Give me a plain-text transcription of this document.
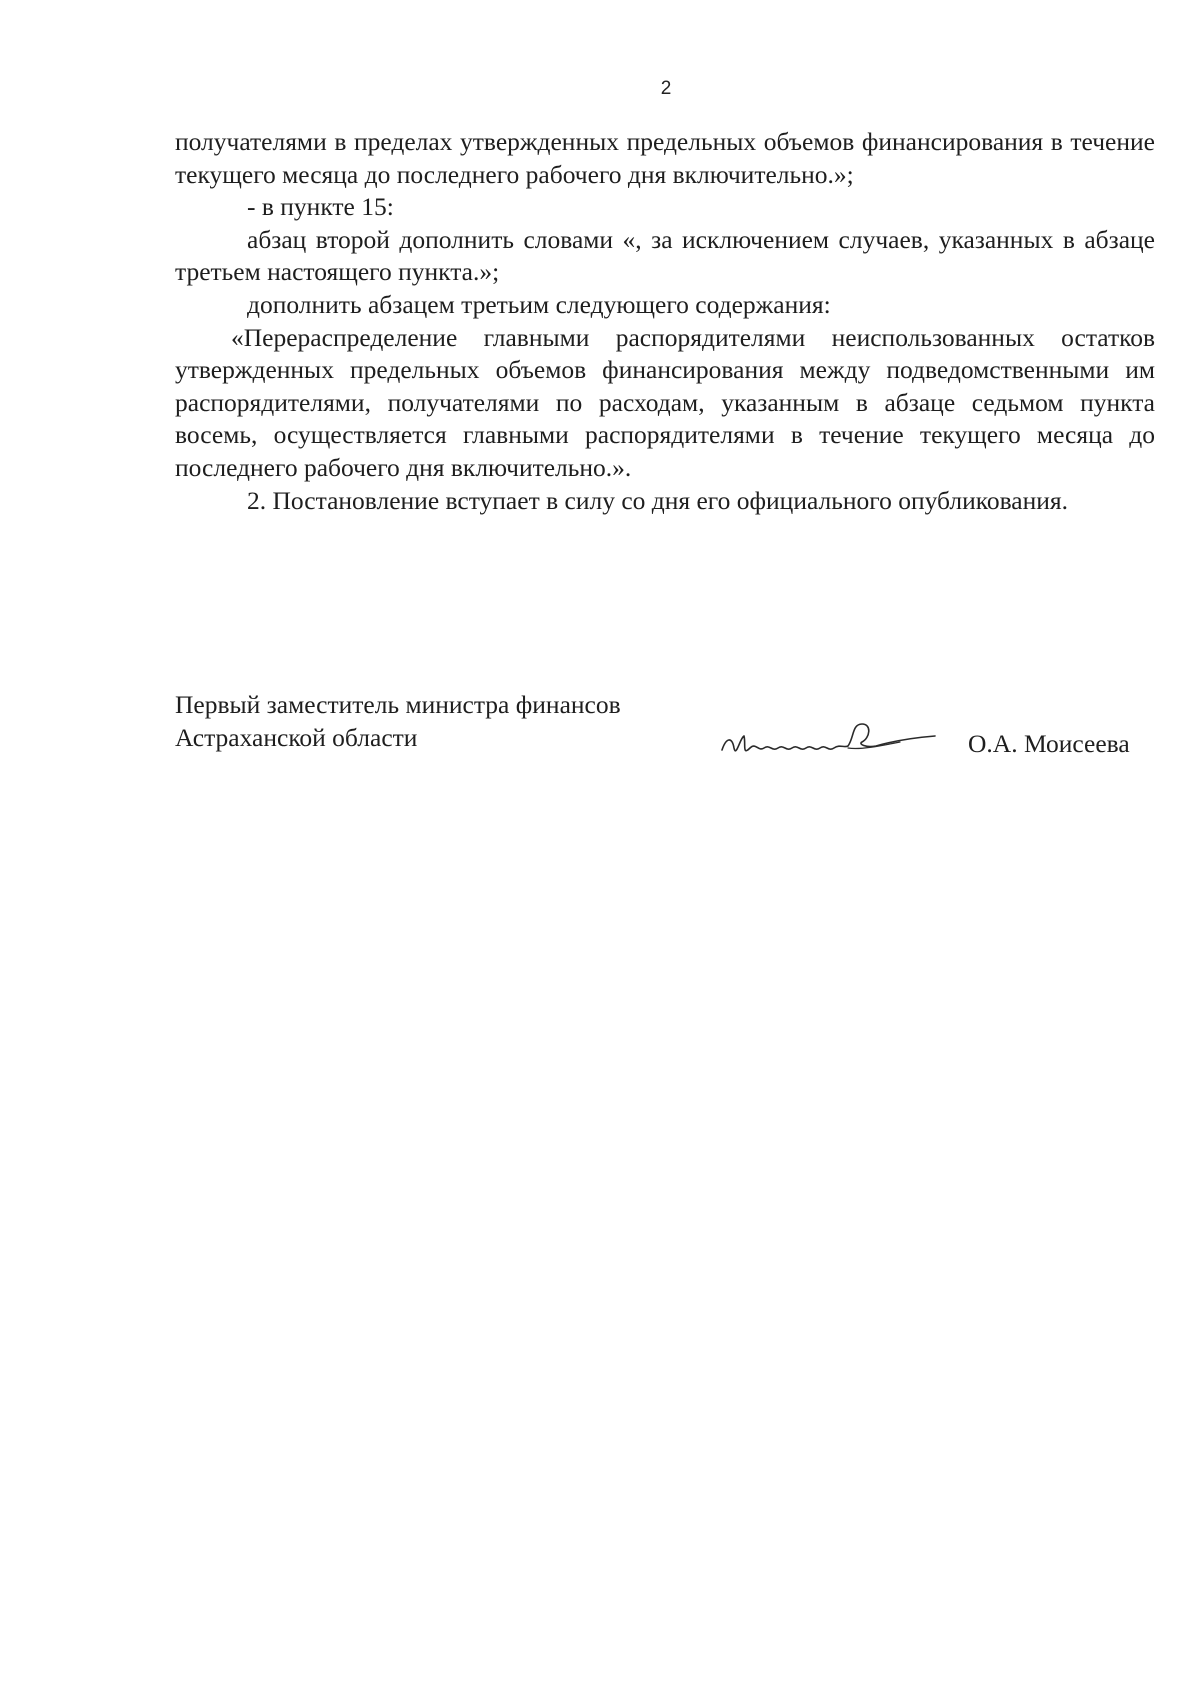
2

получателями в пределах утвержденных предельных объемов финансирования в течение текущего месяца до последнего рабочего дня включительно.»;

- в пункте 15:

абзац второй дополнить словами «, за исключением случаев, указанных в абзаце третьем настоящего пункта.»;

дополнить абзацем третьим следующего содержания:

«Перераспределение главными распорядителями неиспользованных остатков утвержденных предельных объемов финансирования между подведомственными им распорядителями, получателями по расходам, указанным в абзаце седьмом пункта восемь, осуществляется главными распорядителями в течение текущего месяца до последнего рабочего дня включительно.».

2. Постановление вступает в силу со дня его официального опубликования.

Первый заместитель министра финансов

Астраханской области	О.А. Моисеева
